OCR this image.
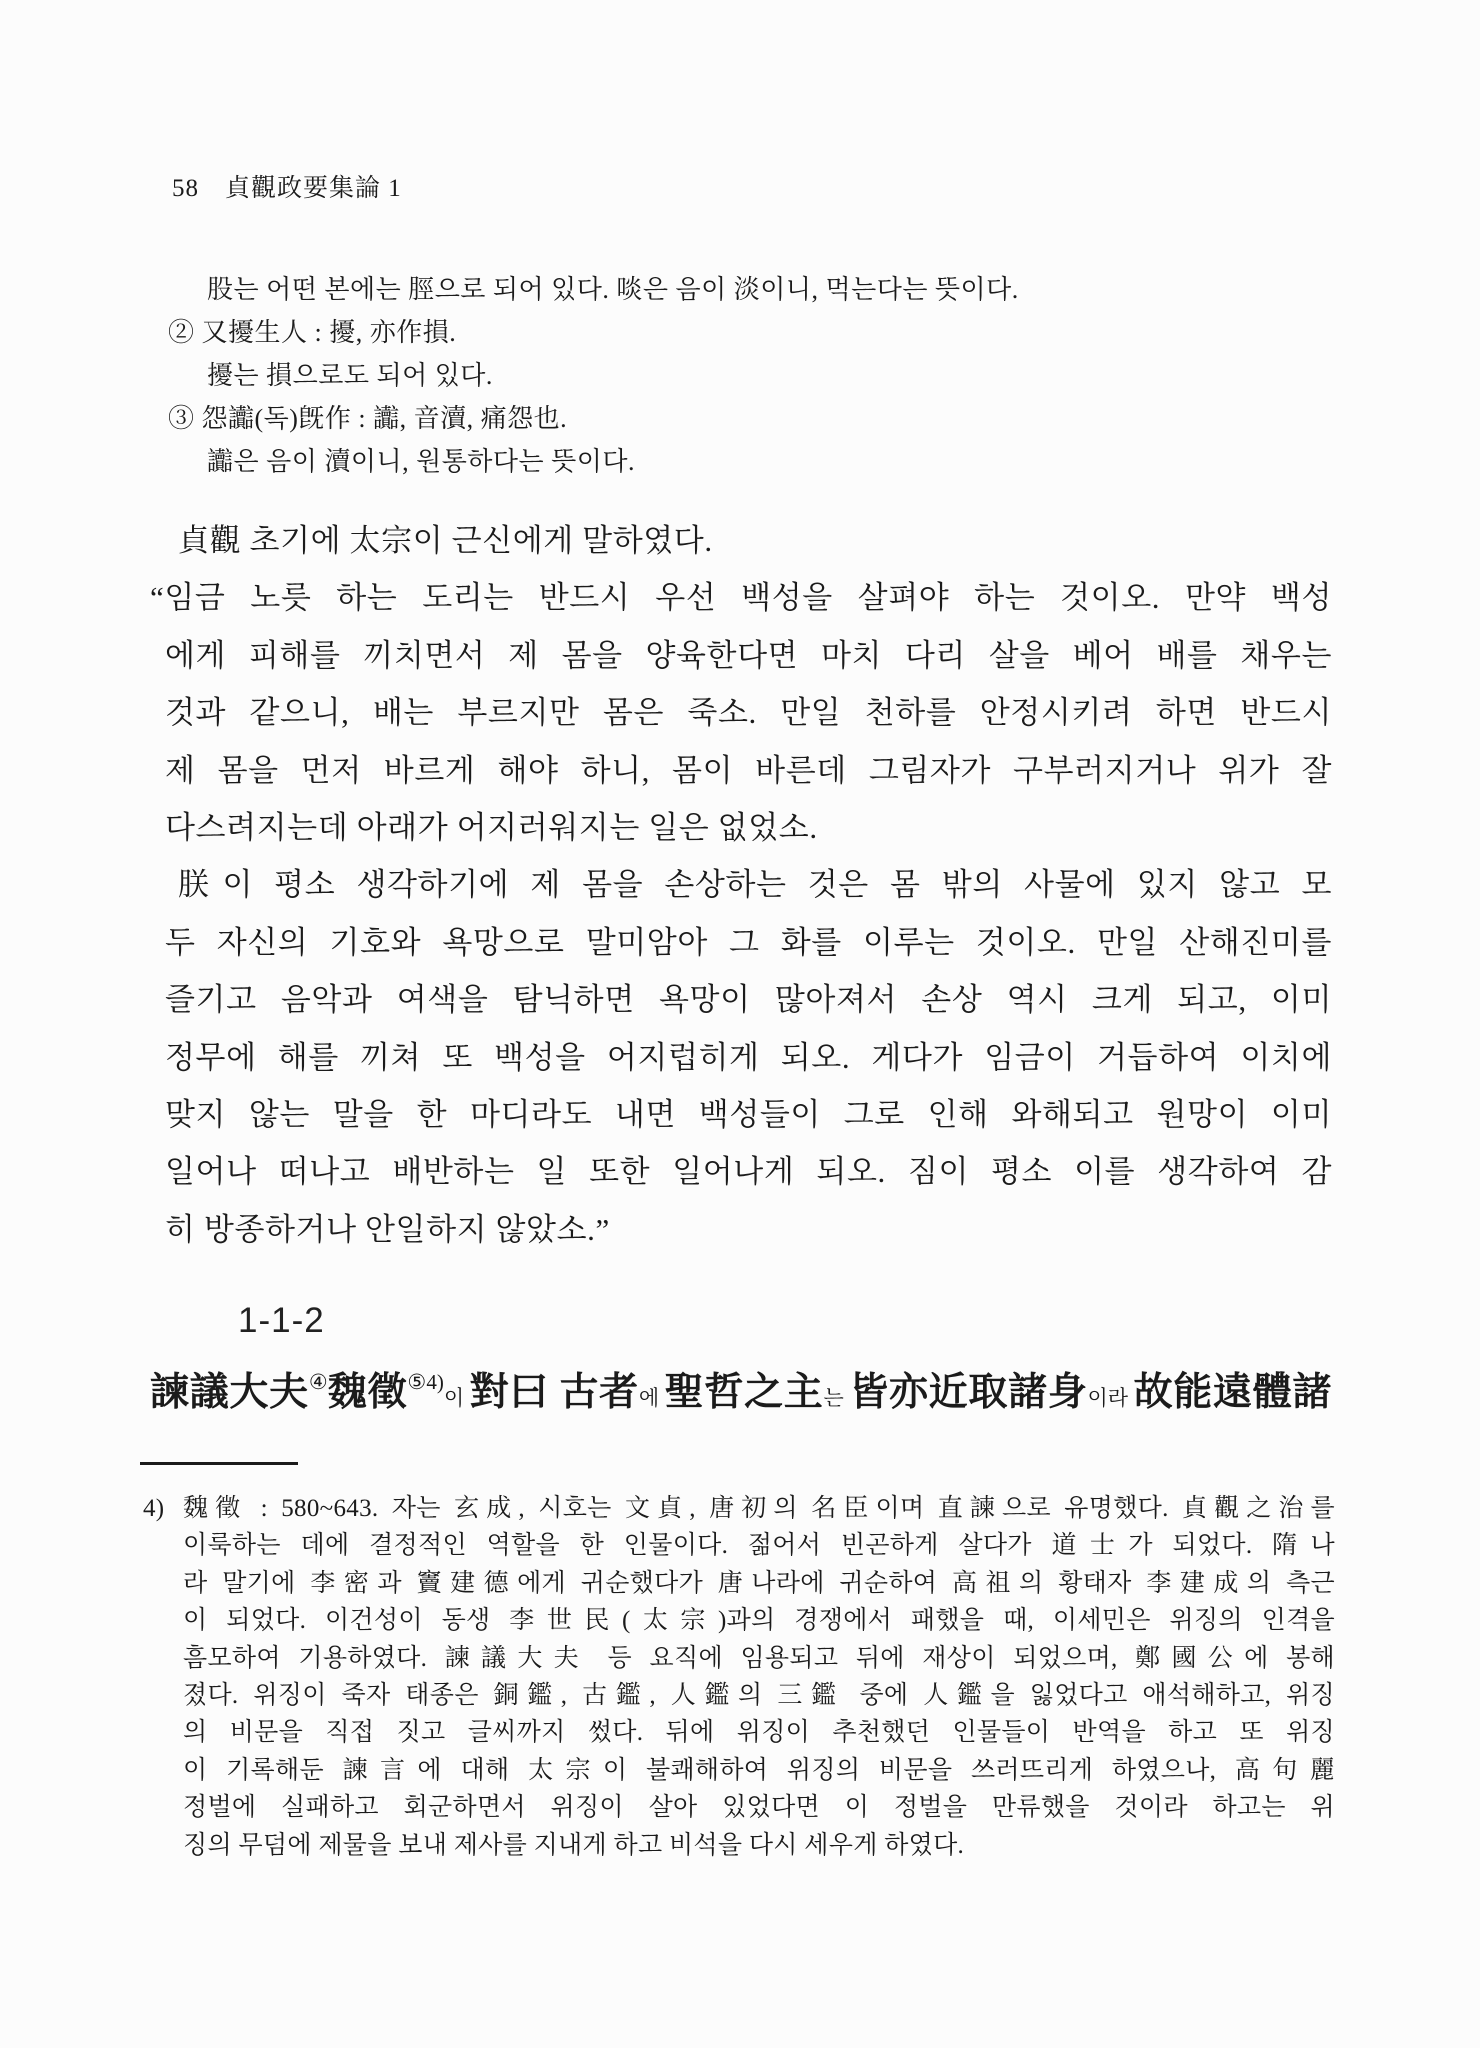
58 貞觀政要集論 1
股는 어떤 본에는 脛으로 되어 있다. 啖은 음이 淡이니, 먹는다는 뜻이다.
② 又擾生人 : 擾, 亦作損.
擾는 損으로도 되어 있다.
③ 怨讟(독)旣作 : 讟, 音瀆, 痛怨也.
讟은 음이 瀆이니, 원통하다는 뜻이다.
貞觀 초기에 太宗이 근신에게 말하였다.
“임금 노릇 하는 도리는 반드시 우선 백성을 살펴야 하는 것이오. 만약 백성
에게 피해를 끼치면서 제 몸을 양육한다면 마치 다리 살을 베어 배를 채우는
것과 같으니, 배는 부르지만 몸은 죽소. 만일 천하를 안정시키려 하면 반드시
제 몸을 먼저 바르게 해야 하니, 몸이 바른데 그림자가 구부러지거나 위가 잘
다스려지는데 아래가 어지러워지는 일은 없었소.
朕이 평소 생각하기에 제 몸을 손상하는 것은 몸 밖의 사물에 있지 않고 모
두 자신의 기호와 욕망으로 말미암아 그 화를 이루는 것이오. 만일 산해진미를
즐기고 음악과 여색을 탐닉하면 욕망이 많아져서 손상 역시 크게 되고, 이미
정무에 해를 끼쳐 또 백성을 어지럽히게 되오. 게다가 임금이 거듭하여 이치에
맞지 않는 말을 한 마디라도 내면 백성들이 그로 인해 와해되고 원망이 이미
일어나 떠나고 배반하는 일 또한 일어나게 되오. 짐이 평소 이를 생각하여 감
히 방종하거나 안일하지 않았소.”
1-1-2
諫議大夫④魏徵$^{⑤4)}$이 對曰 古者에 聖哲之主는 皆亦近取諸身이라 故能遠體諸
4) 魏徵 : 580~643. 자는 玄成, 시호는 文貞, 唐初의 名臣이며 直諫으로 유명했다. 貞觀之治를
이룩하는 데에 결정적인 역할을 한 인물이다. 젊어서 빈곤하게 살다가 道士가 되었다. 隋나
라 말기에 李密과 竇建德에게 귀순했다가 唐나라에 귀순하여 高祖의 황태자 李建成의 측근
이 되었다. 이건성이 동생 李世民(太宗)과의 경쟁에서 패했을 때, 이세민은 위징의 인격을
흠모하여 기용하였다. 諫議大夫 등 요직에 임용되고 뒤에 재상이 되었으며, 鄭國公에 봉해
졌다. 위징이 죽자 태종은 銅鑑, 古鑑, 人鑑의 三鑑 중에 人鑑을 잃었다고 애석해하고, 위징
의 비문을 직접 짓고 글씨까지 썼다. 뒤에 위징이 추천했던 인물들이 반역을 하고 또 위징
이 기록해둔 諫言에 대해 太宗이 불쾌해하여 위징의 비문을 쓰러뜨리게 하였으나, 高句麗
정벌에 실패하고 회군하면서 위징이 살아 있었다면 이 정벌을 만류했을 것이라 하고는 위
징의 무덤에 제물을 보내 제사를 지내게 하고 비석을 다시 세우게 하였다.
